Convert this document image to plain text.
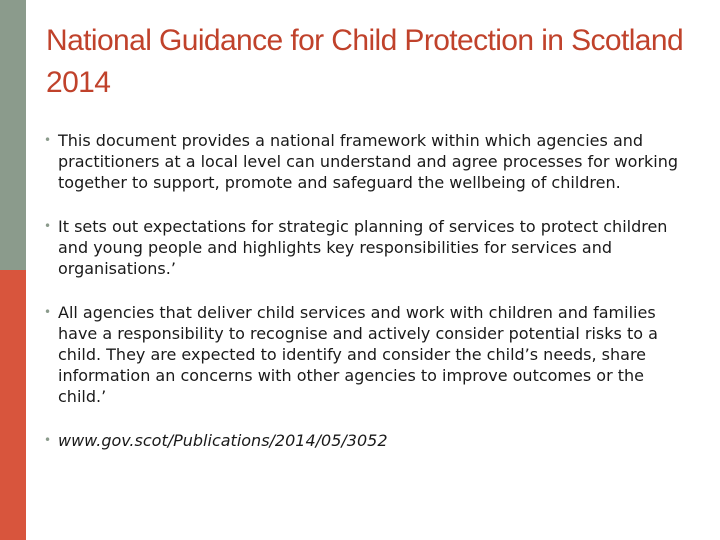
National Guidance for Child Protection in Scotland 2014
• This document provides a national framework within which agencies and practitioners at a local level can understand and agree processes for working together to support, promote and safeguard the wellbeing of children.
• It sets out expectations for strategic planning of services to protect children and young people and highlights key responsibilities for services and organisations.’
• All agencies that deliver child services and work with children and families have a responsibility to recognise and actively consider potential risks to a child. They are expected to identify and consider the child’s needs, share information an concerns with other agencies to improve outcomes or the child.’
• www.gov.scot/Publications/2014/05/3052
